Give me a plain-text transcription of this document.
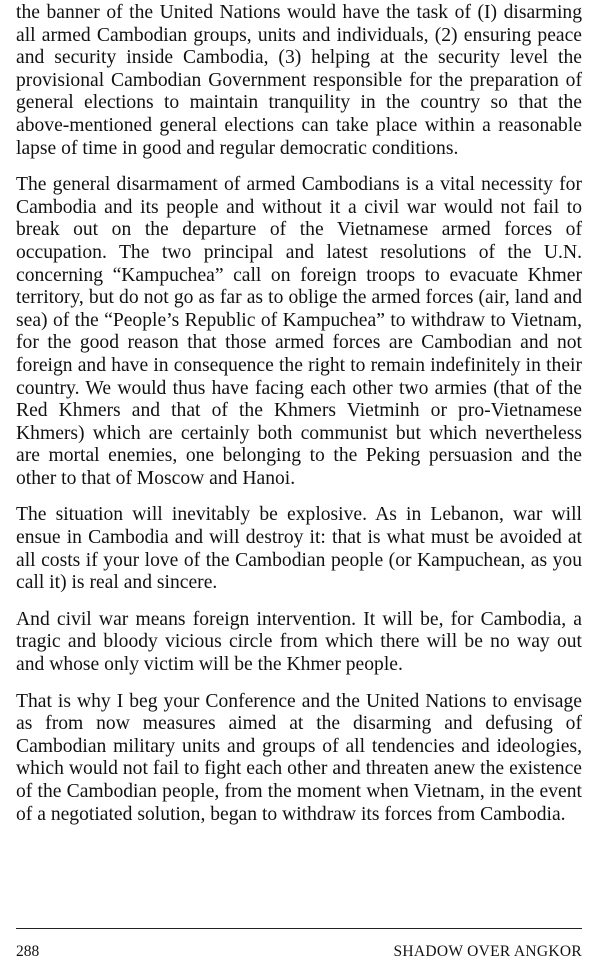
the banner of the United Nations would have the task of (I) disarming all armed Cambodian groups, units and individuals, (2) ensuring peace and security inside Cambodia, (3) helping at the security level the provisional Cambodian Government responsible for the preparation of general elections to maintain tranquility in the country so that the above-mentioned general elections can take place within a reasonable lapse of time in good and regular democratic conditions.

The general disarmament of armed Cambodians is a vital necessity for Cambodia and its people and without it a civil war would not fail to break out on the departure of the Vietnamese armed forces of occupation. The two principal and latest resolutions of the U.N. concerning “Kampuchea” call on foreign troops to evacuate Khmer territory, but do not go as far as to oblige the armed forces (air, land and sea) of the “People’s Republic of Kampuchea” to withdraw to Vietnam, for the good reason that those armed forces are Cambodian and not foreign and have in consequence the right to remain indefinitely in their country. We would thus have facing each other two armies (that of the Red Khmers and that of the Khmers Vietminh or pro-Vietnamese Khmers) which are certainly both communist but which nevertheless are mortal enemies, one belonging to the Peking persuasion and the other to that of Moscow and Hanoi.

The situation will inevitably be explosive. As in Lebanon, war will ensue in Cambodia and will destroy it: that is what must be avoided at all costs if your love of the Cambodian people (or Kampuchean, as you call it) is real and sincere.

And civil war means foreign intervention. It will be, for Cambodia, a tragic and bloody vicious circle from which there will be no way out and whose only victim will be the Khmer people.

That is why I beg your Conference and the United Nations to envisage as from now measures aimed at the disarming and defusing of Cambodian military units and groups of all tendencies and ideologies, which would not fail to fight each other and threaten anew the existence of the Cambodian people, from the moment when Vietnam, in the event of a negotiated solution, began to withdraw its forces from Cambodia.

288	SHADOW OVER ANGKOR
